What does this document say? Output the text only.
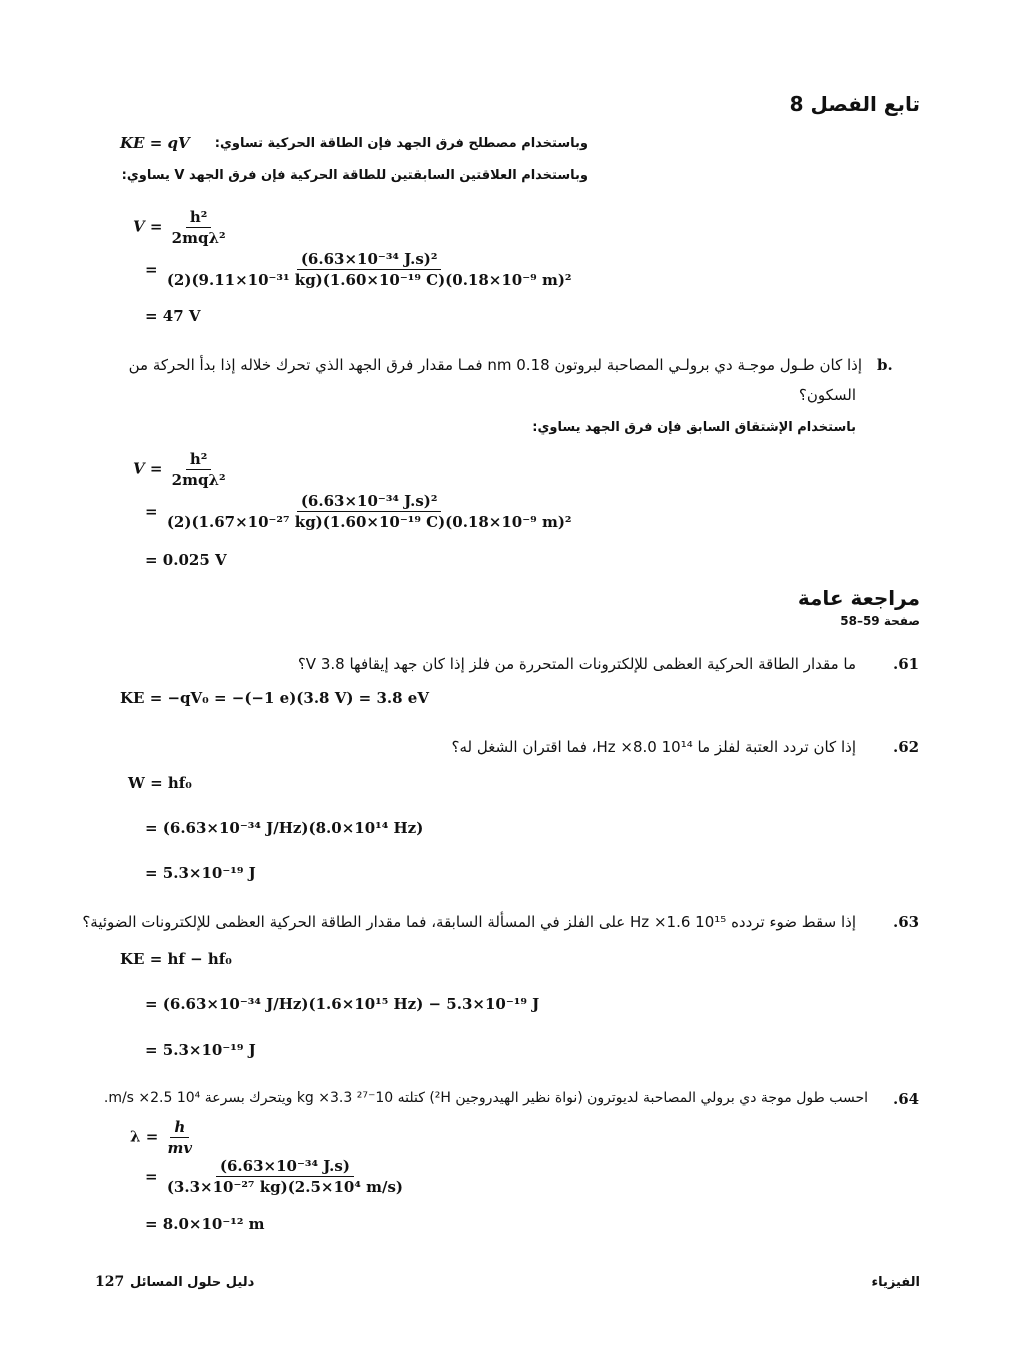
تابع الفصل 8
وباستخدام مصطلح فرق الجهد فإن الطاقة الحركية تساوي:
KE = qV
وباستخدام العلاقتين السابقتين للطاقة الحركية فإن فرق الجهد V يساوي:
$V = \frac{\text{h²}}{\text{2mqλ²}}$
= $\frac{\text{(6.63×10⁻³⁴ J.s)²}}{\text{(2)(9.11×10⁻³¹ kg)(1.60×10⁻¹⁹ C)(0.18×10⁻⁹ m)²}}$
= 47 V
b.
إذا كان طـول موجـة دي برولـي المصاحبة لبروتون 0.18 nm فمـا مقدار فرق الجهد الذي تحرك خلاله إذا بدأ الحركة من
السكون؟
باستخدام الإشتقاق السابق فإن فرق الجهد يساوي:
$V = \frac{\text{h²}}{\text{2mqλ²}}$
= $\frac{\text{(6.63×10⁻³⁴ J.s)²}}{\text{(2)(1.67×10⁻²⁷ kg)(1.60×10⁻¹⁹ C)(0.18×10⁻⁹ m)²}}$
= 0.025 V
مراجعة عامة
صفحة 59–58
.61
ما مقدار الطاقة الحركية العظمى للإلكترونات المتحررة من فلز إذا كان جهد إيقافها 3.8 V؟
KE = −qV₀ = −(−1 e)(3.8 V) = 3.8 eV
.62
إذا كان تردد العتبة لفلز ما 10¹⁴ Hz ×8.0، فما اقتران الشغل له؟
W = hf₀
= (6.63×10⁻³⁴ J/Hz)(8.0×10¹⁴ Hz)
= 5.3×10⁻¹⁹ J
.63
إذا سقط ضوء تردده 10¹⁵ Hz ×1.6 على الفلز في المسألة السابقة، فما مقدار الطاقة الحركية العظمى للإلكترونات الضوئية؟
KE = hf − hf₀
= (6.63×10⁻³⁴ J/Hz)(1.6×10¹⁵ Hz) − 5.3×10⁻¹⁹ J
= 5.3×10⁻¹⁹ J
.64
احسب طول موجة دي برولي المصاحبة لديوترون (نواة نظير الهيدروجين ²H) كتلته 10⁻²⁷ kg ×3.3 ويتحرك بسرعة 10⁴ m/s ×2.5.
$\lambda = \frac{h}{mv}$
= $\frac{\text{(6.63×10⁻³⁴ J.s)}}{\text{(3.3×10⁻²⁷ kg)(2.5×10⁴ m/s)}}$
= 8.0×10⁻¹² m
دليل حلول المسائل
127	الفيزياء
